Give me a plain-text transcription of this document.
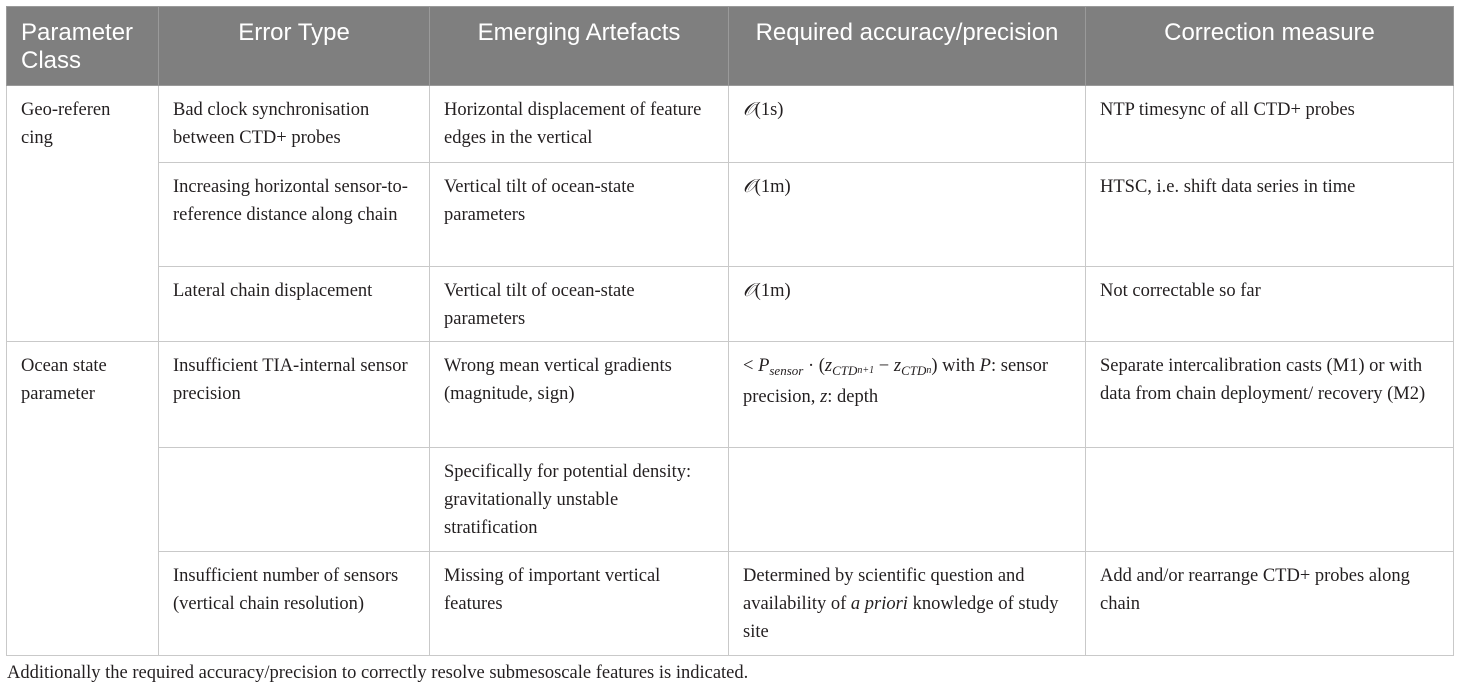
Parameter Class	Error Type	Emerging Artefacts	Required accuracy/precision	Correction measure
Geo-referencing	Bad clock synchronisation between CTD+ probes	Horizontal displacement of feature edges in the vertical	𝒪(1s)	NTP timesync of all CTD+ probes
	Increasing horizontal sensor-to-reference distance along chain	Vertical tilt of ocean-state parameters	𝒪(1m)	HTSC, i.e. shift data series in time
	Lateral chain displacement	Vertical tilt of ocean-state parameters	𝒪(1m)	Not correctable so far
Ocean state parameter	Insufficient TIA-internal sensor precision	Wrong mean vertical gradients (magnitude, sign)	< $P_{sensor} \cdot (z_{CTD}n+1 - z_{CTD}n)$ with P: sensor precision, z: depth	Separate intercalibration casts (M1) or with data from chain deployment/ recovery (M2)
		Specifically for potential density: gravitationally unstable stratification		
	Insufficient number of sensors (vertical chain resolution)	Missing of important vertical features	Determined by scientific question and availability of a priori knowledge of study site	Add and/or rearrange CTD+ probes along chain
Additionally the required accuracy/precision to correctly resolve submesoscale features is indicated.
